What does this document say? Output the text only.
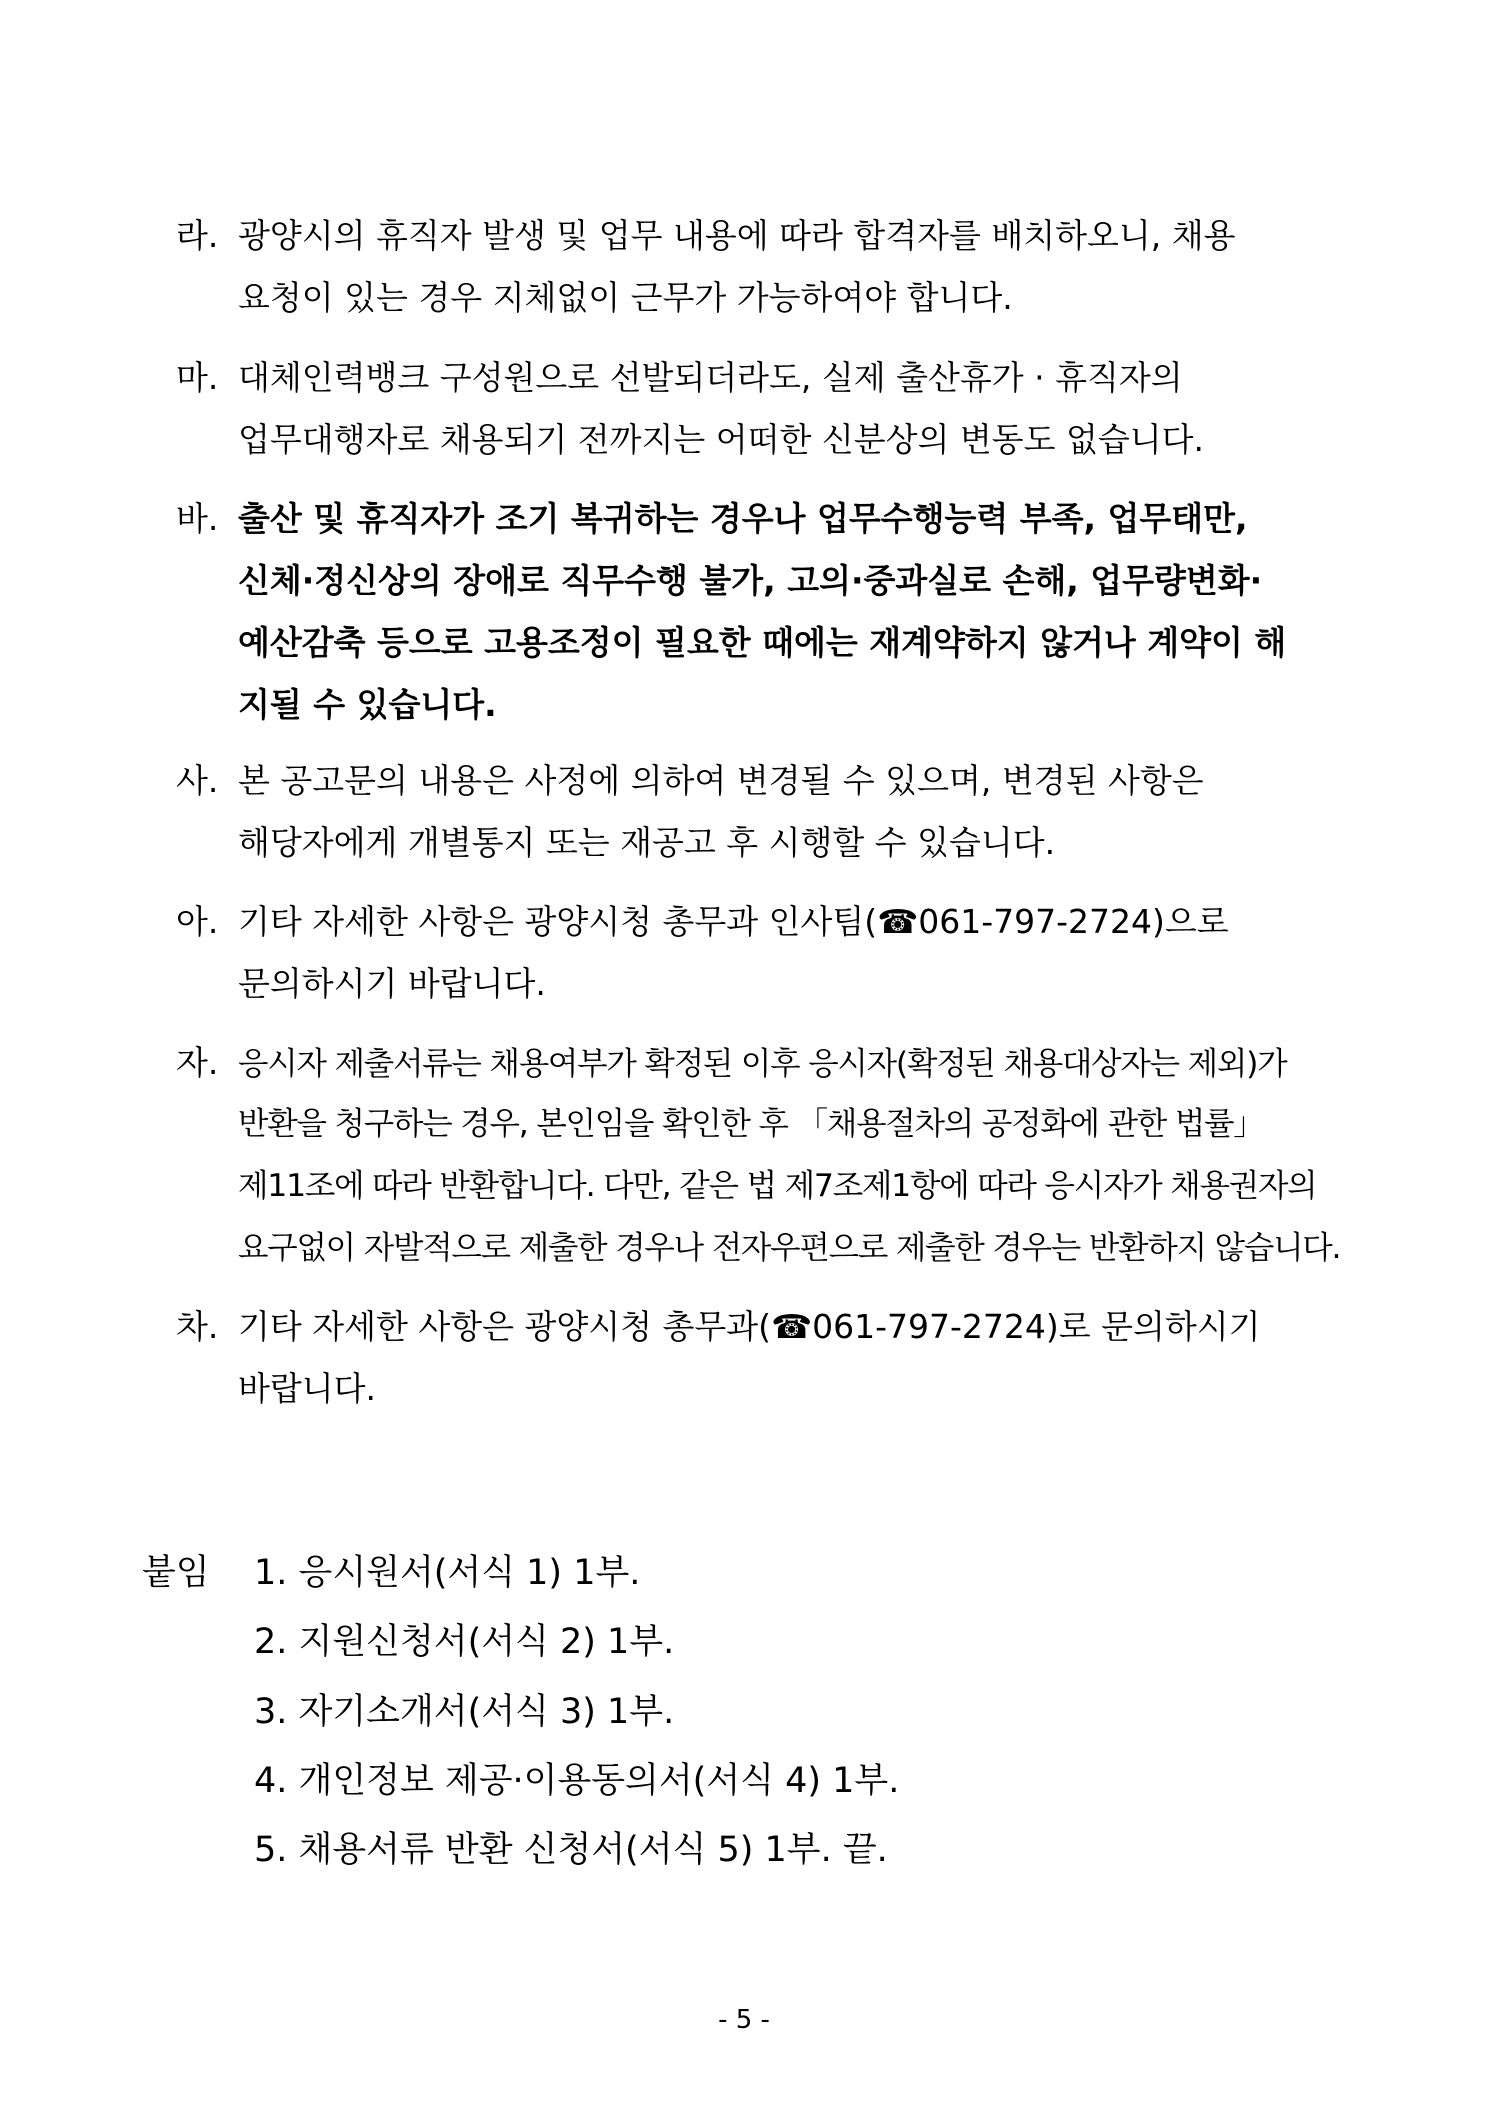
라. 광양시의 휴직자 발생 및 업무 내용에 따라 합격자를 배치하오니, 채용
요청이 있는 경우 지체없이 근무가 가능하여야 합니다.
마. 대체인력뱅크 구성원으로 선발되더라도, 실제 출산휴가 · 휴직자의
업무대행자로 채용되기 전까지는 어떠한 신분상의 변동도 없습니다.
바. 출산 및 휴직자가 조기 복귀하는 경우나 업무수행능력 부족, 업무태만,
신체·정신상의 장애로 직무수행 불가, 고의·중과실로 손해, 업무량변화·
예산감축 등으로 고용조정이 필요한 때에는 재계약하지 않거나 계약이 해
지될 수 있습니다.
사. 본 공고문의 내용은 사정에 의하여 변경될 수 있으며, 변경된 사항은
해당자에게 개별통지 또는 재공고 후 시행할 수 있습니다.
아. 기타 자세한 사항은 광양시청 총무과 인사팀(☎061-797-2724)으로
문의하시기 바랍니다.
자. 응시자 제출서류는 채용여부가 확정된 이후 응시자(확정된 채용대상자는 제외)가
반환을 청구하는 경우, 본인임을 확인한 후 「채용절차의 공정화에 관한 법률」
제11조에 따라 반환합니다. 다만, 같은 법 제7조제1항에 따라 응시자가 채용권자의
요구없이 자발적으로 제출한 경우나 전자우편으로 제출한 경우는 반환하지 않습니다.
차. 기타 자세한 사항은 광양시청 총무과(☎061-797-2724)로 문의하시기
바랍니다.
붙임 1. 응시원서(서식 1) 1부.
2. 지원신청서(서식 2) 1부.
3. 자기소개서(서식 3) 1부.
4. 개인정보 제공·이용동의서(서식 4) 1부.
5. 채용서류 반환 신청서(서식 5) 1부. 끝.
- 5 -
